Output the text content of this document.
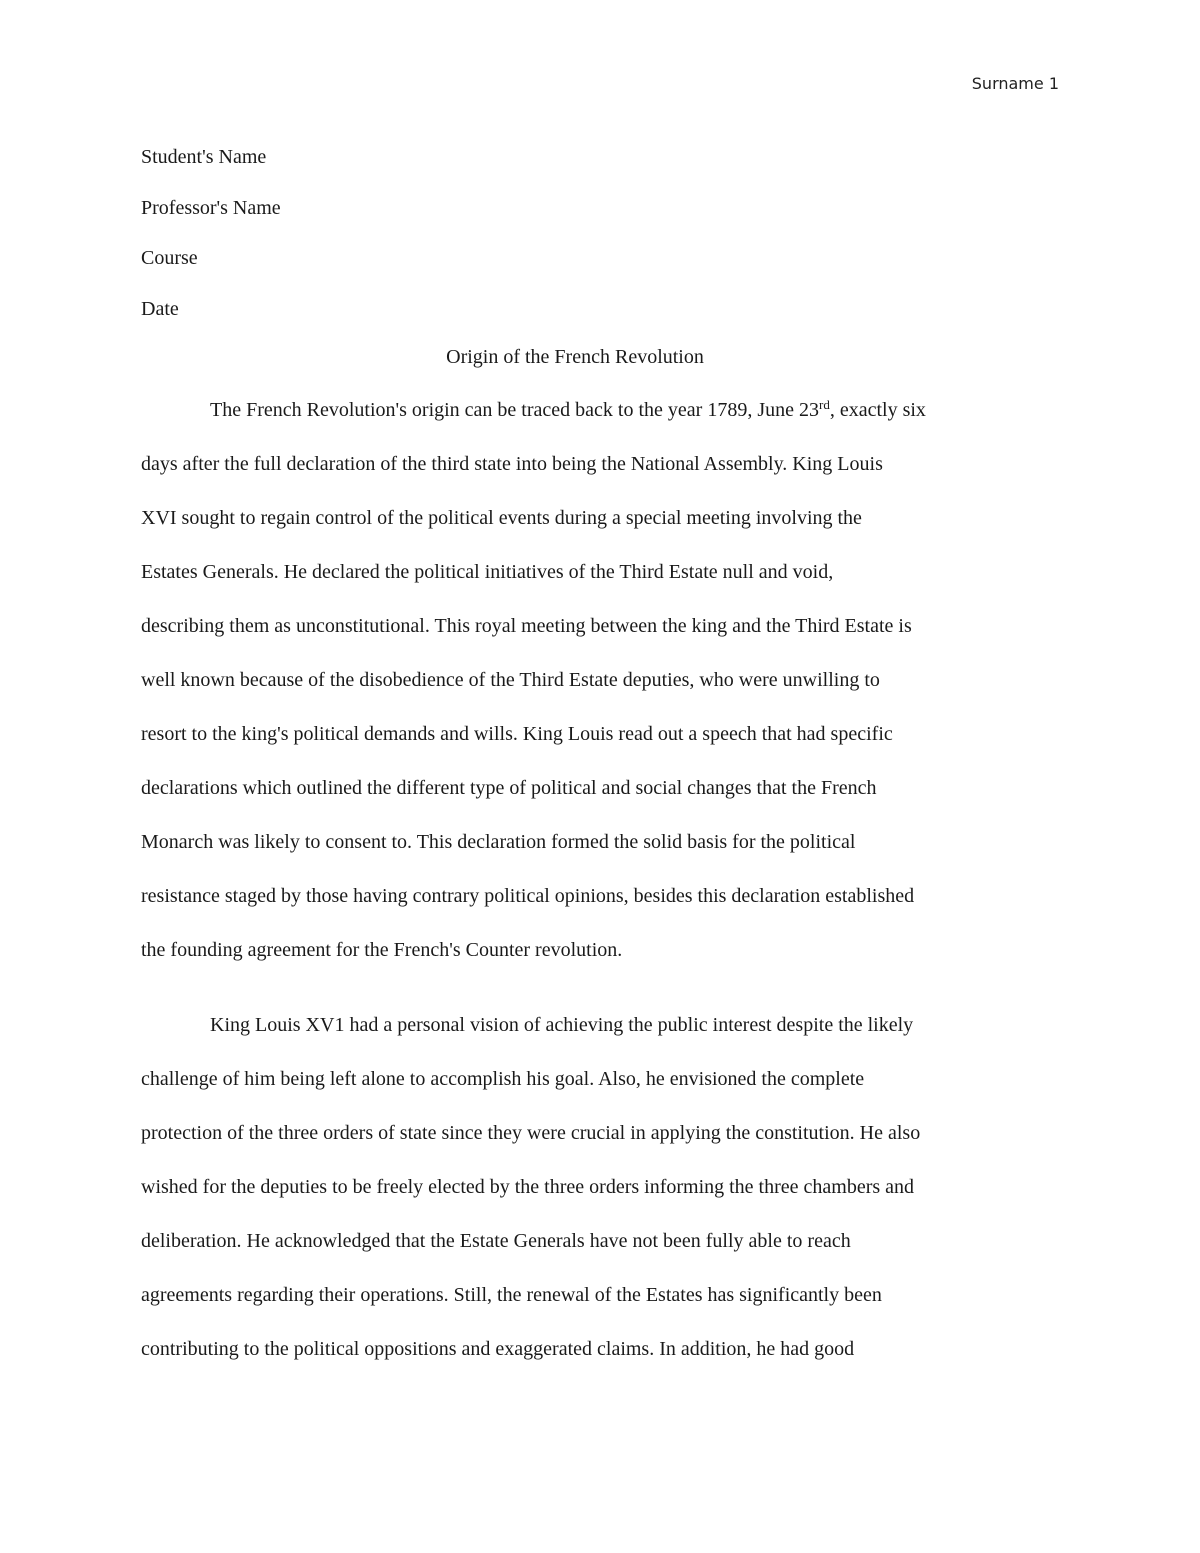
Surname 1
Student's Name
Professor's Name
Course
Date
Origin of the French Revolution
The French Revolution's origin can be traced back to the year 1789, June 23rd, exactly six
days after the full declaration of the third state into being the National Assembly. King Louis
XVI sought to regain control of the political events during a special meeting involving the
Estates Generals. He declared the political initiatives of the Third Estate null and void,
describing them as unconstitutional. This royal meeting between the king and the Third Estate is
well known because of the disobedience of the Third Estate deputies, who were unwilling to
resort to the king's political demands and wills. King Louis read out a speech that had specific
declarations which outlined the different type of political and social changes that the French
Monarch was likely to consent to. This declaration formed the solid basis for the political
resistance staged by those having contrary political opinions, besides this declaration established
the founding agreement for the French's Counter revolution.
King Louis XV1 had a personal vision of achieving the public interest despite the likely
challenge of him being left alone to accomplish his goal. Also, he envisioned the complete
protection of the three orders of state since they were crucial in applying the constitution. He also
wished for the deputies to be freely elected by the three orders informing the three chambers and
deliberation. He acknowledged that the Estate Generals have not been fully able to reach
agreements regarding their operations. Still, the renewal of the Estates has significantly been
contributing to the political oppositions and exaggerated claims. In addition, he had good
